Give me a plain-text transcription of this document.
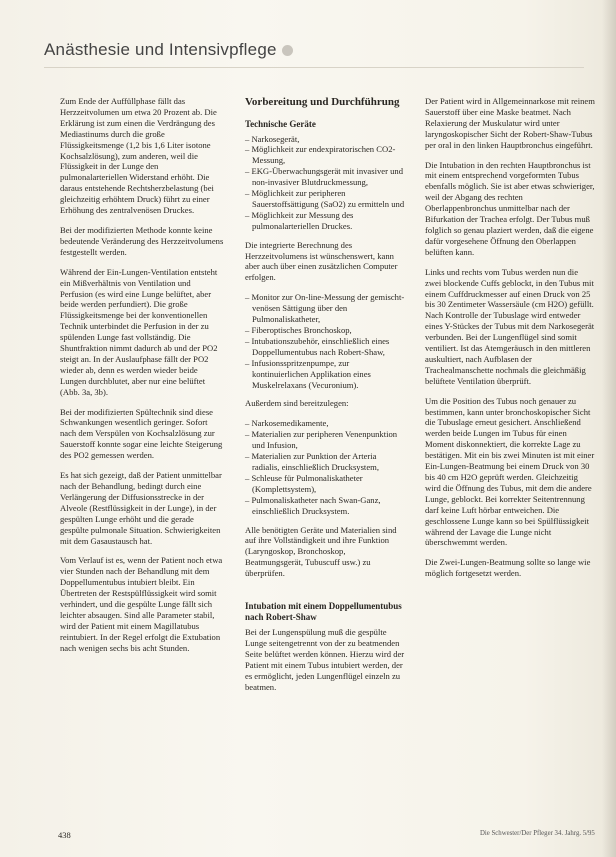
Anästhesie und Intensivpflege

Zum Ende der Auffüllphase fällt das Herzzeitvolumen um etwa 20 Prozent ab. Die Erklärung ist zum einen die Verdrängung des Mediastinums durch die große Flüssigkeitsmenge (1,2 bis 1,6 Liter isotone Kochsalzlösung), zum anderen, weil die Flüssigkeit in der Lunge den pulmonalarteriellen Widerstand erhöht. Die daraus entstehende Rechtsherzbelastung (bei gleichzeitig erhöhtem Druck) führt zu einer Erhöhung des zentralvenösen Druckes.

Bei der modifizierten Methode konnte keine bedeutende Veränderung des Herzzeitvolumens festgestellt werden.

Während der Ein-Lungen-Ventilation entsteht ein Mißverhältnis von Ventilation und Perfusion (es wird eine Lunge belüftet, aber beide werden perfundiert). Die große Flüssigkeitsmenge bei der konventionellen Technik unterbindet die Perfusion in der zu spülenden Lunge fast vollständig. Die Shuntfraktion nimmt dadurch ab und der PO2 steigt an. In der Auslaufphase fällt der PO2 wieder ab, denn es werden wieder beide Lungen durchblutet, aber nur eine belüftet (Abb. 3a, 3b).

Bei der modifizierten Spültechnik sind diese Schwankungen wesentlich geringer. Sofort nach dem Verspülen von Kochsalzlösung zur Sauerstoff konnte sogar eine leichte Steigerung des PO2 gemessen werden.

Es hat sich gezeigt, daß der Patient unmittelbar nach der Behandlung, bedingt durch eine Verlängerung der Diffusionsstrecke in der Alveole (Restflüssigkeit in der Lunge), in der gespülten Lunge erhöht und die gerade gespülte pulmonale Situation. Schwierigkeiten mit dem Gasaustausch hat.

Vom Verlauf ist es, wenn der Patient noch etwa vier Stunden nach der Behandlung mit dem Doppellumentubus intubiert bleibt. Ein Übertreten der Restspülflüssigkeit wird somit verhindert, und die gespülte Lunge fällt sich leichter absaugen. Sind alle Parameter stabil, wird der Patient mit einem Magillatubus reintubiert. In der Regel erfolgt die Extubation nach wenigen sechs bis acht Stunden.

Vorbereitung und Durchführung
Technische Geräte
– Narkosegerät,
– Möglichkeit zur endexpiratorischen CO2-Messung,
– EKG-Überwachungsgerät mit invasiver und non-invasiver Blutdruckmessung,
– Möglichkeit zur peripheren Sauerstoffsättigung (SaO2) zu ermitteln und
– Möglichkeit zur Messung des pulmonalarteriellen Druckes.

Die integrierte Berechnung des Herzzeitvolumens ist wünschenswert, kann aber auch über einen zusätzlichen Computer erfolgen.

– Monitor zur On-line-Messung der gemischt-venösen Sättigung über den Pulmonaliskatheter,
– Fiberoptisches Bronchoskop,
– Intubationszubehör, einschließlich eines Doppellumentubus nach Robert-Shaw,
– Infusionsspritzenpumpe, zur kontinuierlichen Applikation eines Muskelrelaxans (Vecuronium).

Außerdem sind bereitzulegen:

– Narkosemedikamente,
– Materialien zur peripheren Venenpunktion und Infusion,
– Materialien zur Punktion der Arteria radialis, einschließlich Drucksystem,
– Schleuse für Pulmonaliskatheter (Komplettsystem),
– Pulmonaliskatheter nach Swan-Ganz, einschließlich Drucksystem.

Alle benötigten Geräte und Materialien sind auf ihre Vollständigkeit und ihre Funktion (Laryngoskop, Bronchoskop, Beatmungsgerät, Tubuscuff usw.) zu überprüfen.

Intubation mit einem Doppellumentubus nach Robert-Shaw

Bei der Lungenspülung muß die gespülte Lunge seitengetrennt von der zu beatmenden Seite belüftet werden können. Hierzu wird der Patient mit einem Tubus intubiert werden, der es ermöglicht, jeden Lungenflügel einzeln zu beatmen.

Der Patient wird in Allgemeinnarkose mit reinem Sauerstoff über eine Maske beatmet. Nach Relaxierung der Muskulatur wird unter laryngoskopischer Sicht der Robert-Shaw-Tubus per oral in den linken Hauptbronchus eingeführt.

Die Intubation in den rechten Hauptbronchus ist mit einem entsprechend vorgeformten Tubus ebenfalls möglich. Sie ist aber etwas schwieriger, weil der Abgang des rechten Oberlappenbronchus unmittelbar nach der Bifurkation der Trachea erfolgt. Der Tubus muß folglich so genau plaziert werden, daß die eigene dafür vorgesehene Öffnung den Oberlappen belüften kann.

Links und rechts vom Tubus werden nun die zwei blockende Cuffs geblockt, in den Tubus mit einem Cuffdruckmesser auf einen Druck von 25 bis 30 Zentimeter Wassersäule (cm H2O) gefüllt. Nach Kontrolle der Tubuslage wird entweder eines Y-Stückes der Tubus mit dem Narkosegerät verbunden. Bei der Lungenflügel sind somit ventiliert. Ist das Atemgeräusch in den mittleren auskultiert, nach Aufblasen der Trachealmanschette nochmals die gleichmäßig belüftete Ventilation überprüft.

Um die Position des Tubus noch genauer zu bestimmen, kann unter bronchoskopischer Sicht die Tubuslage erneut gesichert. Anschließend werden beide Lungen im Tubus für einen Moment diskonnektiert, die korrekte Lage zu bestätigen. Mit ein bis zwei Minuten ist mit einer Ein-Lungen-Beatmung bei einem Druck von 30 bis 40 cm H2O geprüft werden. Gleichzeitig wird die Öffnung des Tubus, mit dem die andere Lunge, geblockt. Bei korrekter Seitentrennung darf keine Luft hörbar entweichen. Die geschlossene Lunge kann so bei Spülflüssigkeit während der Lavage die Lunge nicht überschwemmt werden.

Die Zwei-Lungen-Beatmung sollte so lange wie möglich fortgesetzt werden.

438	Die Schwester/Der Pfleger 34. Jahrg. 5/95
